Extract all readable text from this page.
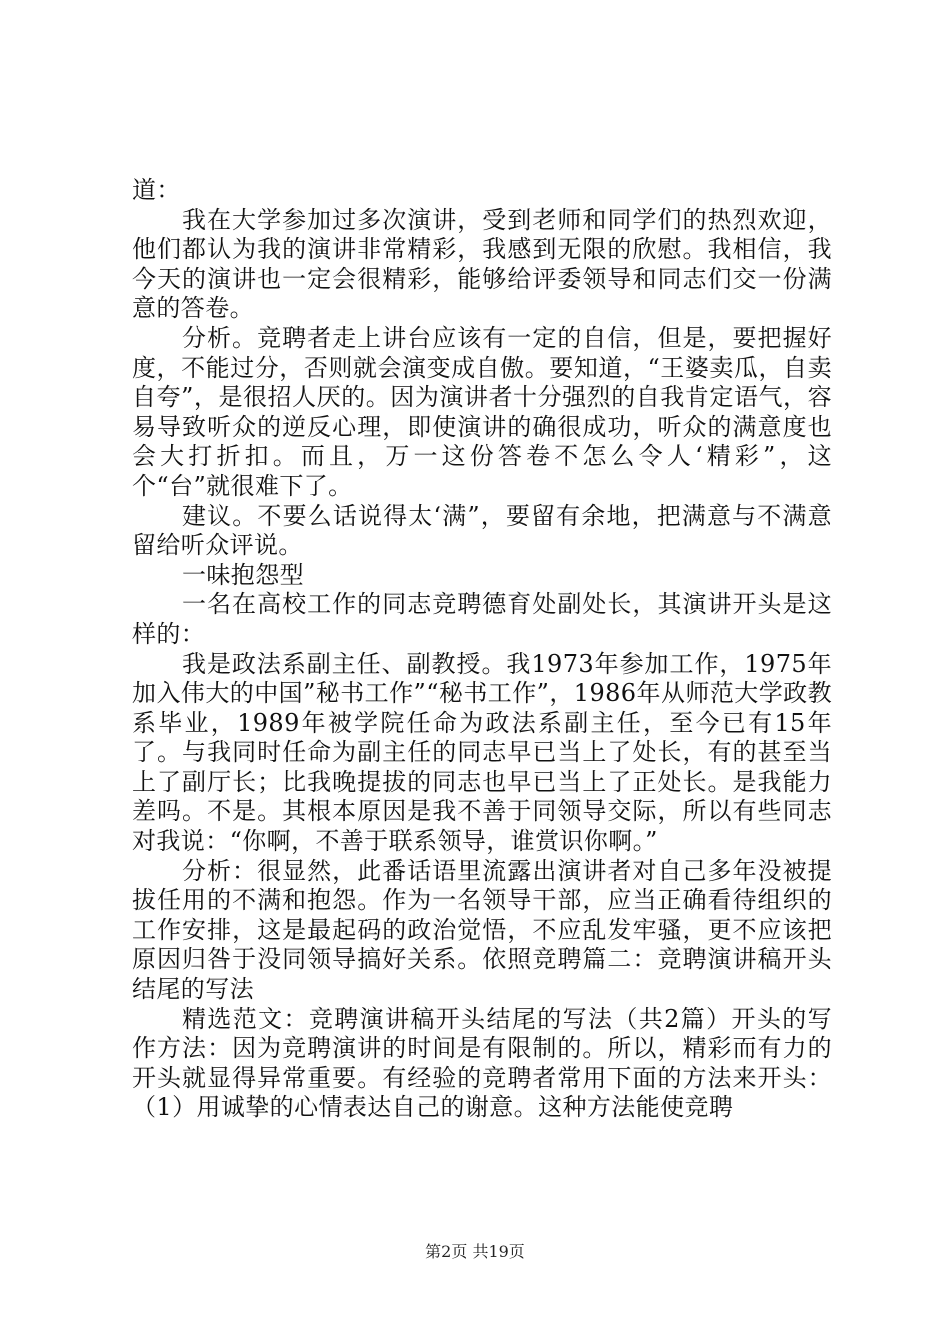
道：

我在大学参加过多次演讲，受到老师和同学们的热烈欢迎，他们都认为我的演讲非常精彩，我感到无限的欣慰。我相信，我今天的演讲也一定会很精彩，能够给评委领导和同志们交一份满意的答卷。

分析。竞聘者走上讲台应该有一定的自信，但是，要把握好度，不能过分，否则就会演变成自傲。要知道，“王婆卖瓜，自卖自夸”，是很招人厌的。因为演讲者十分强烈的自我肯定语气，容易导致听众的逆反心理，即使演讲的确很成功，听众的满意度也会大打折扣。而且，万一这份答卷不怎么令人‘精彩”，这个“台”就很难下了。

建议。不要么话说得太‘满”，要留有余地，把满意与不满意留给听众评说。

一味抱怨型

一名在高校工作的同志竞聘德育处副处长，其演讲开头是这样的：

我是政法系副主任、副教授。我1973年参加工作，1975年加入伟大的中国”秘书工作”“秘书工作”，1986年从师范大学政教系毕业，1989年被学院任命为政法系副主任，至今已有15年了。与我同时任命为副主任的同志早已当上了处长，有的甚至当上了副厅长；比我晚提拔的同志也早已当上了正处长。是我能力差吗。不是。其根本原因是我不善于同领导交际，所以有些同志对我说：“你啊，不善于联系领导，谁赏识你啊。”

分析：很显然，此番话语里流露出演讲者对自己多年没被提拔任用的不满和抱怨。作为一名领导干部，应当正确看待组织的工作安排，这是最起码的政治觉悟，不应乱发牢骚，更不应该把原因归咎于没同领导搞好关系。依照竞聘篇二：竞聘演讲稿开头结尾的写法

精选范文：竞聘演讲稿开头结尾的写法（共2篇）开头的写作方法：因为竞聘演讲的时间是有限制的。所以，精彩而有力的开头就显得异常重要。有经验的竞聘者常用下面的方法来开头：（1）用诚挚的心情表达自己的谢意。这种方法能使竞聘

第2页 共19页
